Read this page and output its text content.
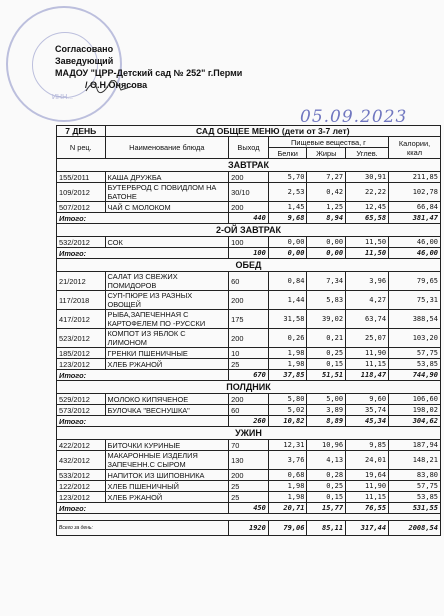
ИНН...
Согласовано
Заведующий
МАДОУ "ЦРР-Детский сад № 252" г.Перми
/ О.Н.Онясова
05.09.2023
7 ДЕНЬ	САД ОБЩЕЕ МЕНЮ (дети от 3-7 лет)					
N рец.	Наименование блюда	Выход	Пищевые вещества, г			Калории, ккал
			Белки	Жиры	Углев.	
ЗАВТРАК						
155/2011	КАША ДРУЖБА	200	5,70	7,27	30,91	211,85
109/2012	БУТЕРБРОД С ПОВИДЛОМ НА БАТОНЕ	30/10	2,53	0,42	22,22	102,78
507/2012	ЧАЙ С МОЛОКОМ	200	1,45	1,25	12,45	66,84
Итого:		440	9,68	8,94	65,58	381,47
2-ОЙ ЗАВТРАК						
532/2012	СОК	100	0,00	0,00	11,50	46,00
Итого:		100	0,00	0,00	11,50	46,00
ОБЕД						
21/2012	САЛАТ ИЗ СВЕЖИХ ПОМИДОРОВ	60	0,84	7,34	3,96	79,65
117/2018	СУП-ПЮРЕ ИЗ РАЗНЫХ ОВОЩЕЙ	200	1,44	5,83	4,27	75,31
417/2012	РЫБА,ЗАПЕЧЕННАЯ С КАРТОФЕЛЕМ ПО -РУССКИ	175	31,58	39,02	63,74	388,54
523/2012	КОМПОТ ИЗ ЯБЛОК С ЛИМОНОМ	200	0,26	0,21	25,07	103,20
185/2012	ГРЕНКИ ПШЕНИЧНЫЕ	10	1,98	0,25	11,90	57,75
123/2012	ХЛЕБ РЖАНОЙ	25	1,98	0,15	11,15	53,85
Итого:		670	37,85	51,51	118,47	744,90
ПОЛДНИК						
529/2012	МОЛОКО КИПЯЧЕНОЕ	200	5,80	5,00	9,60	106,60
573/2012	БУЛОЧКА "ВЕСНУШКА"	60	5,02	3,89	35,74	198,02
Итого:		260	10,82	8,89	45,34	304,62
УЖИН						
422/2012	БИТОЧКИ КУРИНЫЕ	70	12,31	10,96	9,85	187,94
432/2012	МАКАРОННЫЕ ИЗДЕЛИЯ ЗАПЕЧЕНН.С СЫРОМ	130	3,76	4,13	24,01	148,21
533/2012	НАПИТОК ИЗ ШИПОВНИКА	200	0,68	0,28	19,64	83,80
122/2012	ХЛЕБ ПШЕНИЧНЫЙ	25	1,98	0,25	11,90	57,75
123/2012	ХЛЕБ РЖАНОЙ	25	1,98	0,15	11,15	53,85
Итого:		450	20,71	15,77	76,55	531,55

Всего за день:		1920	79,06	85,11	317,44	2008,54
